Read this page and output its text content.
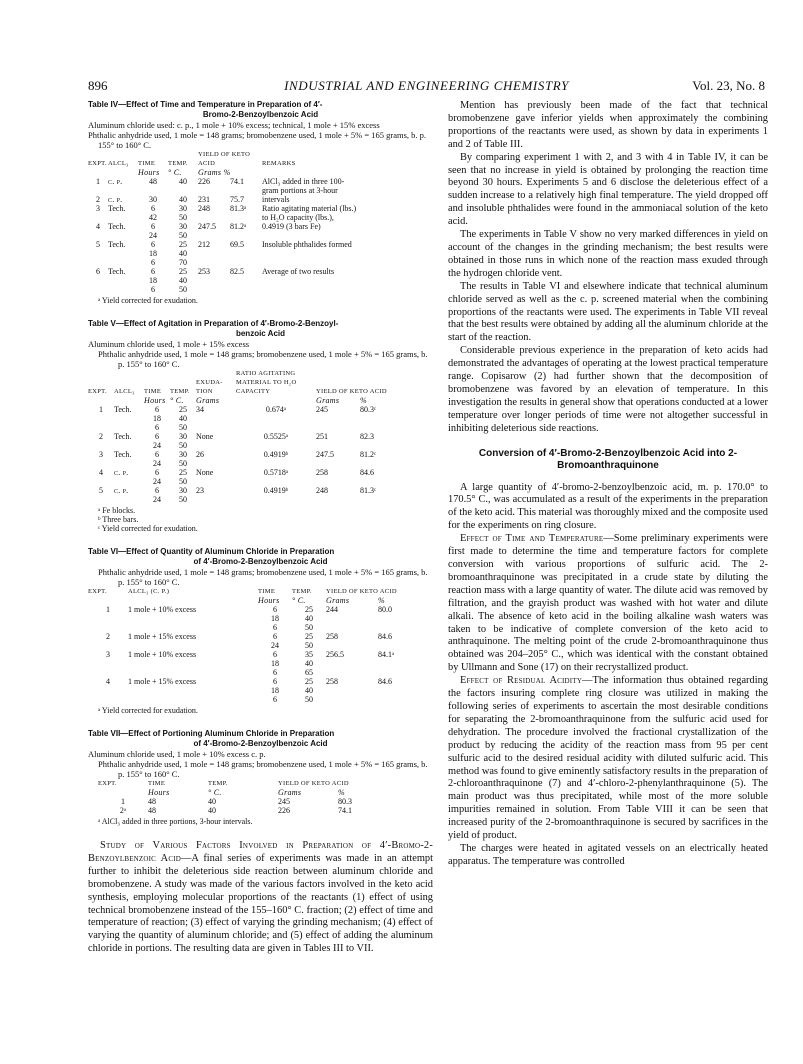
896	INDUSTRIAL AND ENGINEERING CHEMISTRY	Vol. 23, No. 8

Table IV—Effect of Time and Temperature in Preparation of 4′-
Bromo-2-Benzoylbenzoic Acid

Aluminum chloride used: c. p., 1 mole + 10% excess; technical, 1 mole + 15% excess

Phthalic anhydride used, 1 mole = 148 grams; bromobenzene used, 1 mole + 5% = 165 grams, b. p. 155° to 160° C.

EXPT.	ALCL₃	TIME	TEMP.	YIELD OF KETO ACID		REMARKS
		Hours	° C.	Grams %		
1	c. p.	48	40	226	74.1	AlCl₃ added in three 100-
						gram portions at 3-hour
2	c. p.	30	40	231	75.7	intervals
3	Tech.	6	30	248	81.3ᵃ	Ratio agitating material (lbs.)
		42	50			to H₂O capacity (lbs.),
4	Tech.	6	30	247.5	81.2ᵃ	0.4919 (3 bars Fe)
		24	50			
5	Tech.	6	25	212	69.5	Insoluble phthalides formed
		18	40			
		6	70			
6	Tech.	6	25	253	82.5	Average of two results
		18	40			
		6	50			

ᵃ Yield corrected for exudation.

Table V—Effect of Agitation in Preparation of 4′-Bromo-2-Benzoyl-
benzoic Acid

Aluminum chloride used, 1 mole + 15% excess

Phthalic anhydride used, 1 mole = 148 grams; bromobenzene used, 1 mole + 5% = 165 grams, b. p. 155° to 160° C.

EXPT.	ALCL₃	TIME	TEMP.	EXUDA-TION	RATIO AGITATING MATERIAL TO H₂O CAPACITY	YIELD OF KETO ACID	
		Hours	° C.	Grams		Grams	%
1	Tech.	6	25	34	0.674ᵃ	245	80.3ᶜ
		18	40				
		6	50				
2	Tech.	6	30	None	0.5525ᵃ	251	82.3
		24	50				
3	Tech.	6	30	26	0.4919ᵇ	247.5	81.2ᶜ
		24	50				
4	c. p.	6	25	None	0.5718ᵃ	258	84.6
		24	50				
5	c. p.	6	30	23	0.4919ᵇ	248	81.3ᶜ
		24	50				

ᵃ Fe blocks.

ᵇ Three bars.

ᶜ Yield corrected for exudation.

Table VI—Effect of Quantity of Aluminum Chloride in Preparation
of 4′-Bromo-2-Benzoylbenzoic Acid

Phthalic anhydride used, 1 mole = 148 grams; bromobenzene used, 1 mole + 5% = 165 grams, b. p. 155° to 160° C.

EXPT.	ALCL₃ (C. P.)	TIME	TEMP.	YIELD OF KETO ACID	
		Hours	° C.	Grams	%
1	1 mole + 10% excess	6	25	244	80.0
		18	40		
		6	50		
2	1 mole + 15% excess	6	25	258	84.6
		24	50		
3	1 mole + 10% excess	6	35	256.5	84.1ᵃ
		18	40		
		6	65		
4	1 mole + 15% excess	6	25	258	84.6
		18	40		
		6	50		

ᵃ Yield corrected for exudation.

Table VII—Effect of Portioning Aluminum Chloride in Preparation
of 4′-Bromo-2-Benzoylbenzoic Acid

Aluminum chloride used, 1 mole + 10% excess c. p.

Phthalic anhydride used, 1 mole = 148 grams; bromobenzene used, 1 mole + 5% = 165 grams, b. p. 155° to 160° C.

EXPT.	TIME	TEMP.	YIELD OF KETO ACID	
	Hours	° C.	Grams	%
1	48	40	245	80.3
2ᵃ	48	40	226	74.1

ᵃ AlCl₃ added in three portions, 3-hour intervals.

Study of Various Factors Involved in Preparation of 4′-Bromo-2-Benzoylbenzoic Acid—A final series of experiments was made in an attempt further to inhibit the deleterious side reaction between aluminum chloride and bromobenzene. A study was made of the various factors involved in the keto acid synthesis, employing molecular proportions of the reactants (1) effect of using technical bromobenzene instead of the 155–160° C. fraction; (2) effect of time and temperature of reaction; (3) effect of varying the grinding mechanism; (4) effect of varying the quantity of aluminum chloride; and (5) effect of adding the aluminum chloride in portions. The resulting data are given in Tables III to VII.

Mention has previously been made of the fact that technical bromobenzene gave inferior yields when approximately the combining proportions of the reactants were used, as shown by data in experiments 1 and 2 of Table III.

By comparing experiment 1 with 2, and 3 with 4 in Table IV, it can be seen that no increase in yield is obtained by prolonging the reaction time beyond 30 hours. Experiments 5 and 6 disclose the deleterious effect of a sudden increase to a relatively high final temperature. The yield dropped off and insoluble phthalides were found in the ammoniacal solution of the keto acid.

The experiments in Table V show no very marked differences in yield on account of the changes in the grinding mechanism; the best results were obtained in those runs in which none of the reaction mass exuded through the hydrogen chloride vent.

The results in Table VI and elsewhere indicate that technical aluminum chloride served as well as the c. p. screened material when the combining proportions of the reactants were used. The experiments in Table VII reveal that the best results were obtained by adding all the aluminum chloride at the start of the reaction.

Considerable previous experience in the preparation of keto acids had demonstrated the advantages of operating at the lowest practical temperature range. Copisarow (2) had further shown that the decomposition of bromobenzene was favored by an elevation of temperature. In this investigation the results in general show that operations conducted at a lower temperature over longer periods of time were not altogether successful in inhibiting deleterious side reactions.

Conversion of 4′-Bromo-2-Benzoylbenzoic Acid into 2-Bromoanthraquinone

A large quantity of 4′-bromo-2-benzoylbenzoic acid, m. p. 170.0° to 170.5° C., was accumulated as a result of the experiments in the preparation of the keto acid. This material was thoroughly mixed and the composite used for the experiments on ring closure.

Effect of Time and Temperature—Some preliminary experiments were first made to determine the time and temperature factors for complete conversion with various proportions of sulfuric acid. The 2-bromoanthraquinone was precipitated in a crude state by diluting the reaction mass with a large quantity of water. The dilute acid was removed by filtration, and the grayish product was washed with hot water and dilute alkali. The absence of keto acid in the boiling alkaline wash waters was taken to be indicative of complete conversion of the keto acid to anthraquinone. The melting point of the crude 2-bromoanthraquinone thus obtained was 204–205° C., which was identical with the constant obtained by Ullmann and Sone (17) on their recrystallized product.

Effect of Residual Acidity—The information thus obtained regarding the factors insuring complete ring closure was utilized in making the following series of experiments to ascertain the most desirable conditions for separating the 2-bromoanthraquinone from the sulfuric acid used for dehydration. The procedure involved the fractional crystallization of the product by reducing the acidity of the reaction mass from 95 per cent sulfuric acid to the desired residual acidity with diluted sulfuric acid. This method was found to give eminently satisfactory results in the preparation of 2-chloroanthraquinone (7) and 4′-chloro-2-phenylanthraquinone (5). The main product was thus precipitated, while most of the more soluble impurities remained in solution. From Table VIII it can be seen that increased purity of the 2-bromoanthraquinone is secured by sacrifices in the yield of product.

The charges were heated in agitated vessels on an electrically heated apparatus. The temperature was controlled
